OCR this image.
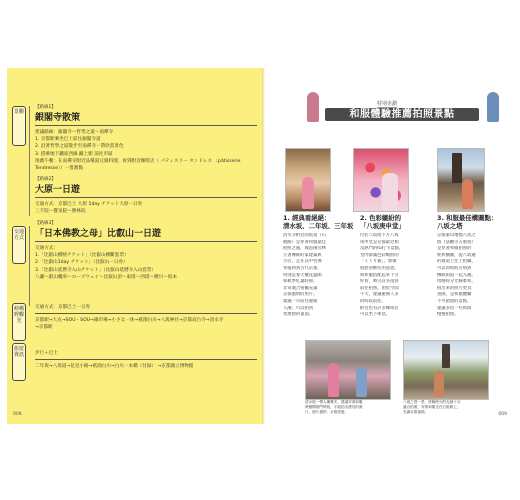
景觀
交通方式
嵯峨野觀光
旅遊資訊
【路線1】
銀閣寺散策
建議路線：銀閣寺～哲學之道～南禪寺
1. 京都駅乘坐巴士前往銀閣寺道
2. 沿著哲學之道散步至南禪寺一帶欣賞景色
3. 搭乘地下鐵東西線 蹴上駅 前往市區
推薦午餐：在南禪寺附近品嚐湯豆腐料理，再到附近咖啡店（ パティスリー タンドレス 〔pâtisserie Tendresse〕）一嘗甜點
【路線2】
大原一日遊
交通方式：京都巴士 大原 1day チケット大原一日券
三千院～寶泉院～勝林院
【路線3】
「日本佛教之母」比叡山一日遊
交通方式：
1.「比叡山横断チケット」（比叡山横斷套票）
2.「比叡山1day チケット」（比叡山一日券）
3.「比叡山延暦寺入山チケット」（比叡山延曆寺入山套票）
八瀬～叡山纜車～ロープウェイ～比叡山頂～東塔～西塔～横川～坂本
交通方式：京都巴士一日券
京都駅→大丸→SOU・SOU→錦市場→小さな一休→祇園白川→八坂神社→京都高台寺→清水寺
→京都駅
步行＋巴士
二年坂→八坂道→花見小路→祇園白川→白川一本橋（付録） →京都國立博物館
008
特別企劃
和服體驗推薦拍照景點
1. 經典看絕絕：
清水坂、二年坂、三年坂
清水寺附近的坂道（石
板路）是穿著和服最佳
拍照之處，坡道兩旁林
立著傳統町家建築與
小店，走在其中彷彿
穿越回到古代京都，
特別是春天櫻花盛開
和秋季紅葉時節，
非常適合拍攝充滿
京都風情的照片。
建議一早前往避開
人潮，可以拍到
更理想的畫面。
2. 色彩繽紛的
「八坂庚申堂」
位於八坂塔下方八坂
庚申堂是京都最近相
當熱門的IG打卡景點，
堂內掛滿色彩繽紛的
「くくり猿」，象徵
將慾望綁住的意思，
與和服搭配起來十分
好看，吸引許多遊客
前往拍照，由於空間
不大，建議避開人多
的時段前往。
附近也有許多咖啡店
可以坐下休息。
3. 和服最佳構圖點：
八坂之塔
京都東山地標八坂之
塔（法觀寺五重塔）
是穿著和服拍照的
經典構圖，從八坂通
的坡道上往上拍攝，
可以同時將古塔與
傳統街道一起入鏡，
傍晚時分光線柔和，
拍出來的照片更具
氛圍，是和服體驗
不可錯過的景點，
建議多留一些時間
慢慢拍照。
清水坂一帶人潮眾多，建議穿著和服
時避開熱門時段，才能拍出漂亮的照
片。照片提供：京都旅遊。
八坂之塔一景，傍晚時分的光線十分
適合拍照，穿著和服走在石板路上，
充滿京都風情。	009
